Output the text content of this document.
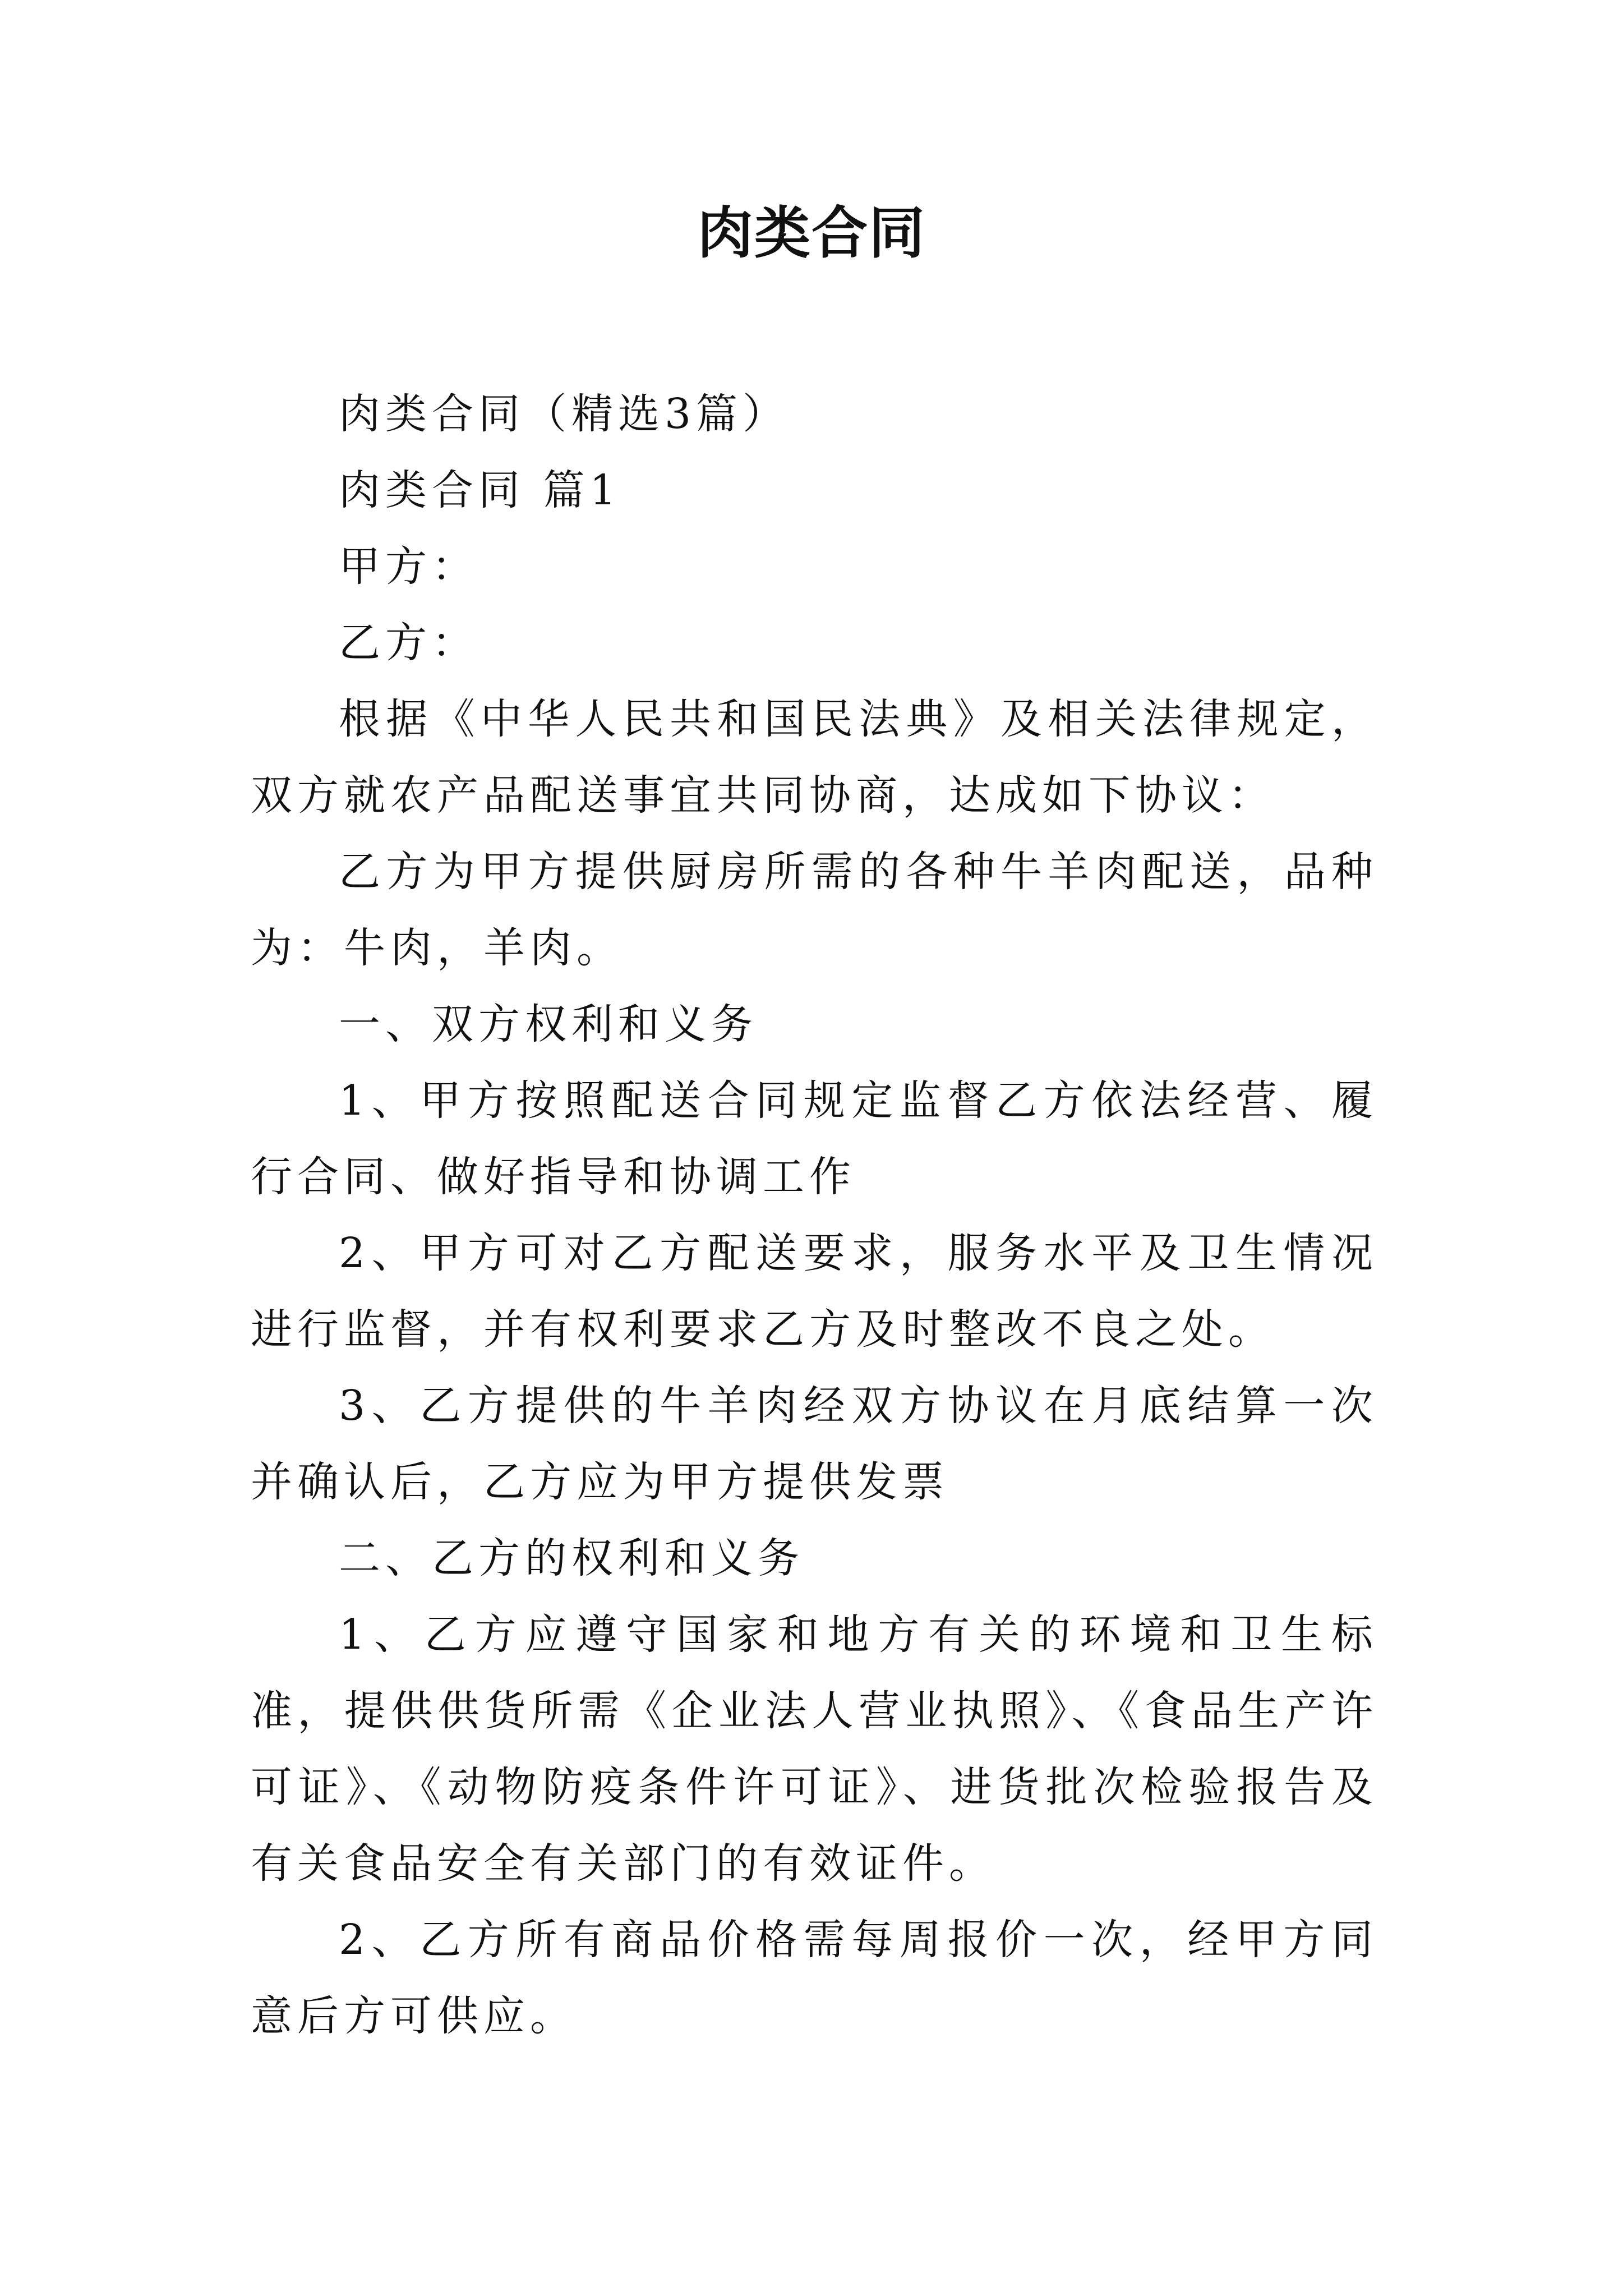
肉类合同

肉类合同（精选3篇）

肉类合同 篇1

甲方：

乙方：

根据《中华人民共和国民法典》及相关法律规定，双方就农产品配送事宜共同协商，达成如下协议：

乙方为甲方提供厨房所需的各种牛羊肉配送，品种为：牛肉，羊肉。

一、双方权利和义务

1、甲方按照配送合同规定监督乙方依法经营、履行合同、做好指导和协调工作

2、甲方可对乙方配送要求，服务水平及卫生情况进行监督，并有权利要求乙方及时整改不良之处。

3、乙方提供的牛羊肉经双方协议在月底结算一次并确认后，乙方应为甲方提供发票

二、乙方的权利和义务

1、乙方应遵守国家和地方有关的环境和卫生标准，提供供货所需《企业法人营业执照》、《食品生产许可证》、《动物防疫条件许可证》、进货批次检验报告及有关食品安全有关部门的有效证件。

2、乙方所有商品价格需每周报价一次，经甲方同意后方可供应。
